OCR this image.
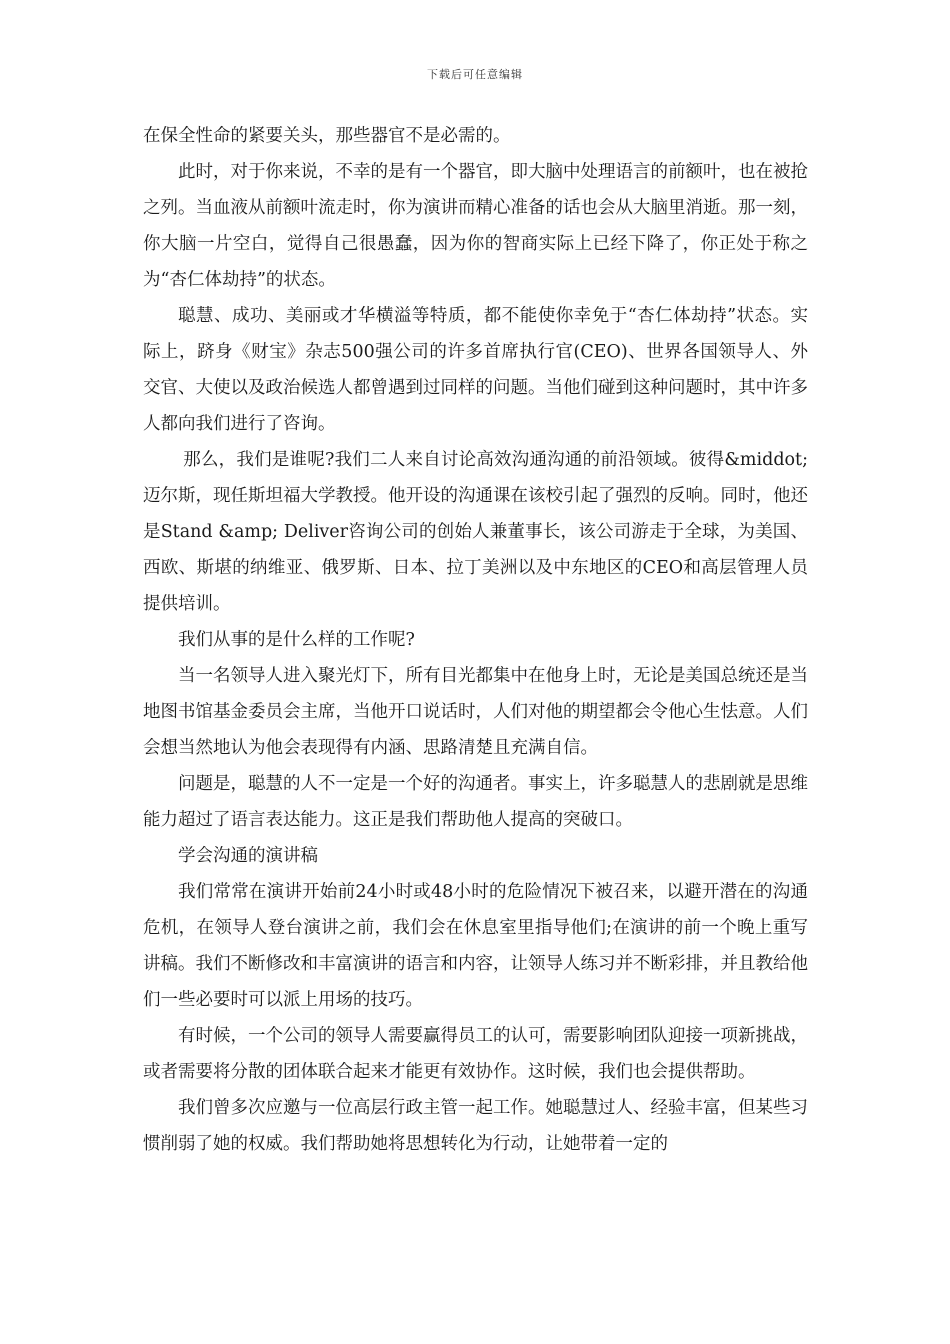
下载后可任意编辑

在保全性命的紧要关头，那些器官不是必需的。

此时，对于你来说，不幸的是有一个器官，即大脑中处理语言的前额叶，也在被抢之列。当血液从前额叶流走时，你为演讲而精心准备的话也会从大脑里消逝。那一刻，你大脑一片空白，觉得自己很愚蠢，因为你的智商实际上已经下降了，你正处于称之为“杏仁体劫持”的状态。

聪慧、成功、美丽或才华横溢等特质，都不能使你幸免于“杏仁体劫持”状态。实际上，跻身《财宝》杂志500强公司的许多首席执行官(CEO)、世界各国领导人、外交官、大使以及政治候选人都曾遇到过同样的问题。当他们碰到这种问题时，其中许多人都向我们进行了咨询。

那么，我们是谁呢?我们二人来自讨论高效沟通沟通的前沿领域。彼得&middot;迈尔斯，现任斯坦福大学教授。他开设的沟通课在该校引起了强烈的反响。同时，他还是Stand &amp; Deliver咨询公司的创始人兼董事长，该公司游走于全球，为美国、西欧、斯堪的纳维亚、俄罗斯、日本、拉丁美洲以及中东地区的CEO和高层管理人员提供培训。

我们从事的是什么样的工作呢?

当一名领导人进入聚光灯下，所有目光都集中在他身上时，无论是美国总统还是当地图书馆基金委员会主席，当他开口说话时，人们对他的期望都会令他心生怯意。人们会想当然地认为他会表现得有内涵、思路清楚且充满自信。

问题是，聪慧的人不一定是一个好的沟通者。事实上，许多聪慧人的悲剧就是思维能力超过了语言表达能力。这正是我们帮助他人提高的突破口。

学会沟通的演讲稿

我们常常在演讲开始前24小时或48小时的危险情况下被召来，以避开潜在的沟通危机，在领导人登台演讲之前，我们会在休息室里指导他们;在演讲的前一个晚上重写讲稿。我们不断修改和丰富演讲的语言和内容，让领导人练习并不断彩排，并且教给他们一些必要时可以派上用场的技巧。

有时候，一个公司的领导人需要赢得员工的认可，需要影响团队迎接一项新挑战，或者需要将分散的团体联合起来才能更有效协作。这时候，我们也会提供帮助。

我们曾多次应邀与一位高层行政主管一起工作。她聪慧过人、经验丰富，但某些习惯削弱了她的权威。我们帮助她将思想转化为行动，让她带着一定的
